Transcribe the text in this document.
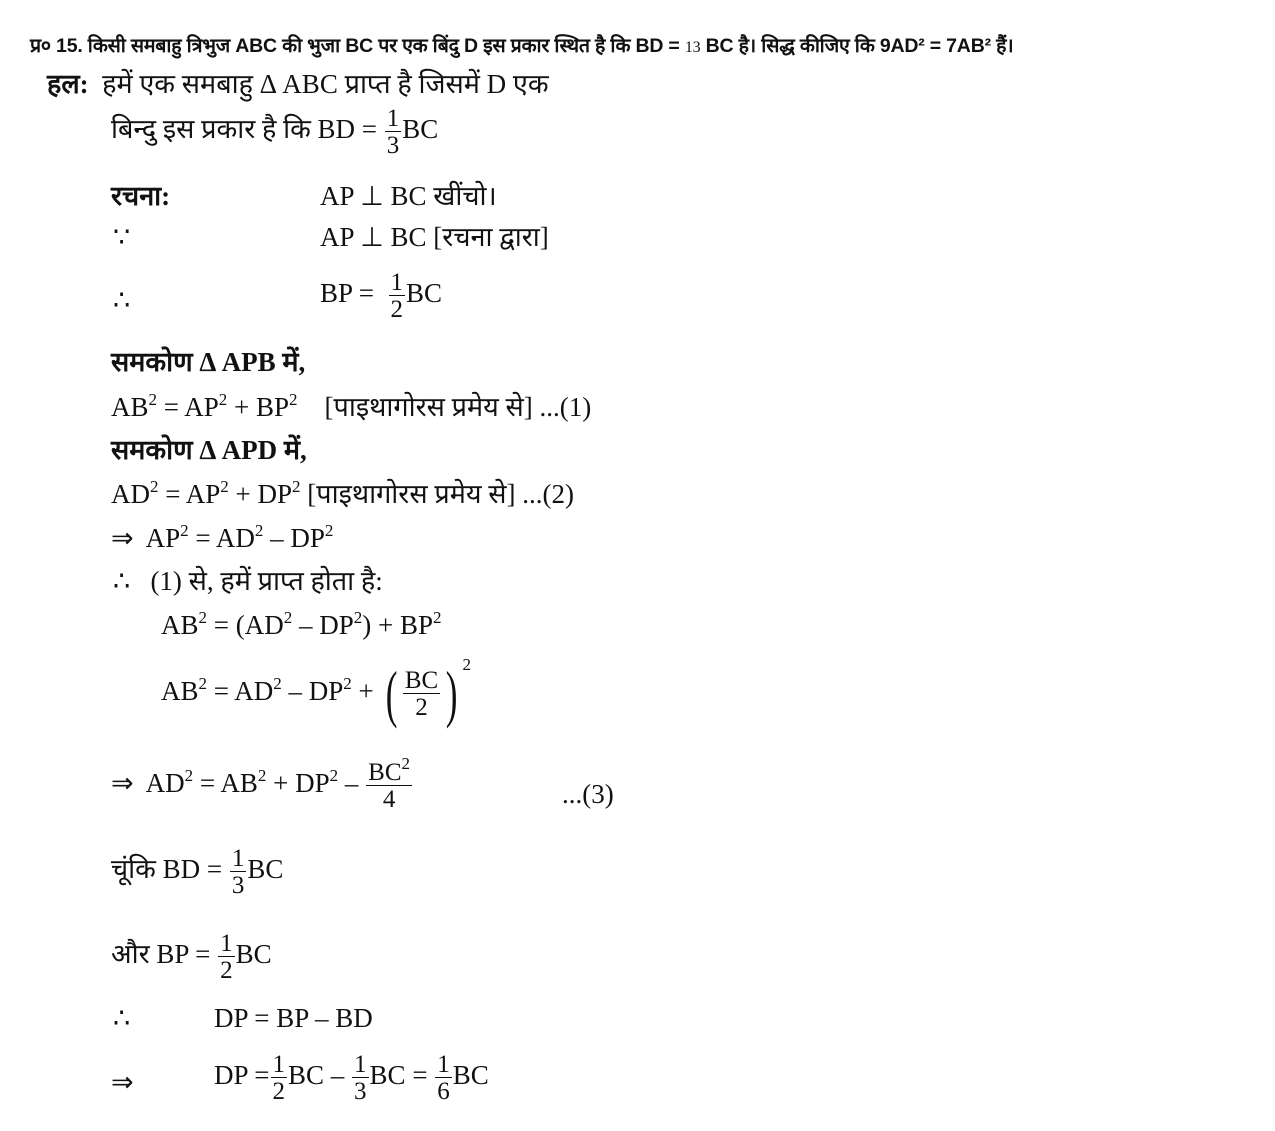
प्र० 15. किसी समबाहु त्रिभुज ABC की भुजा BC पर एक बिंदु D इस प्रकार स्थित है कि BD = 13 BC है। सिद्ध कीजिए कि 9AD² = 7AB² हैं।
हल: हमें एक समबाहु Δ ABC प्राप्त है जिसमें D एक
बिन्दु इस प्रकार है कि BD = $\frac{1}{3}$ BC
रचना:	AP ⊥ BC खींचो।
∵	AP ⊥ BC [रचना द्वारा]
∴	BP = $\frac{1}{2}$ BC
समकोण Δ APB में,
$AB^2 = AP^2 + BP^2$ [पाइथागोरस प्रमेय से] ...(1)
समकोण Δ APD में,
$AD^2 = AP^2 + DP^2$ [पाइथागोरस प्रमेय से] ...(2)
⇒ $AP^2 = AD^2 - DP^2$
∴ (1) से, हमें प्राप्त होता है:
$AB^2 = (AD^2 - DP^2) + BP^2$
$AB^2 = AD^2 - DP^2$ + ( $\frac{BC}{2}$ ) $^2$
⇒ $AD^2 = AB^2 + DP^2 - \frac{BC^2}{4}$	...(3)
चूंकि BD = $\frac{1}{3}$ BC
और BP = $\frac{1}{2}$ BC
∴	DP = BP – BD
⇒	DP = $\frac{1}{2}$ BC – $\frac{1}{3}$ BC = $\frac{1}{6}$ BC
